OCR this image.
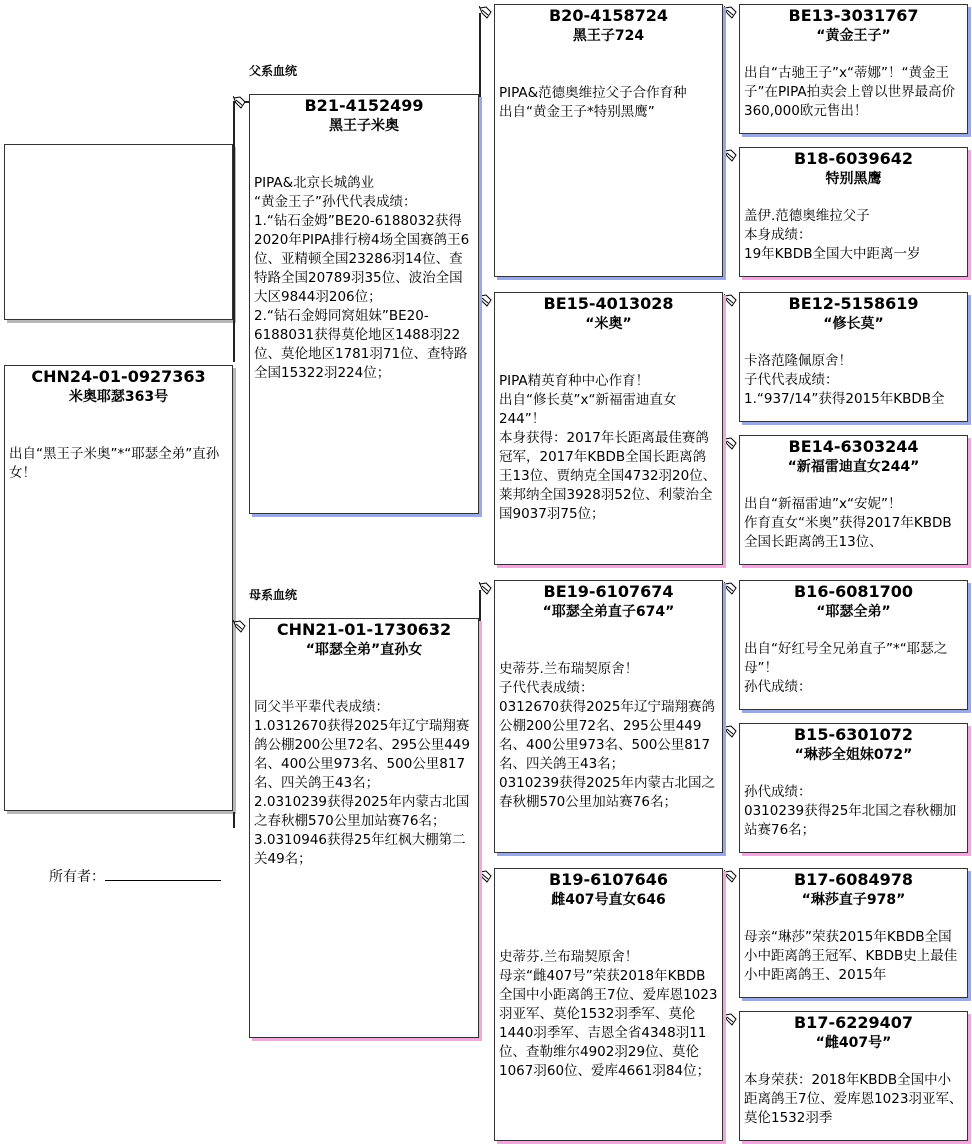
父系血统
母系血统
CHN24-01-0927363
米奥耶瑟363号
出自“黑王子米奥”*“耶瑟全弟”直孙女！
所有者：
B21-4152499
黑王子米奥
PIPA&北京长城鸽业
“黄金王子”孙代代表成绩：
1.“钻石金姆”BE20-6188032获得2020年PIPA排行榜4场全国赛鸽王6位、亚精顿全国23286羽14位、查特路全国20789羽35位、波治全国大区9844羽206位；
2.“钻石金姆同窝姐妹”BE20-6188031获得莫伦地区1488羽22位、莫伦地区1781羽71位、查特路全国15322羽224位；
CHN21-01-1730632
“耶瑟全弟”直孙女
同父半平辈代表成绩：
1.0312670获得2025年辽宁瑞翔赛鸽公棚200公里72名、295公里449名、400公里973名、500公里817名、四关鸽王43名；
2.0310239获得2025年内蒙古北国之春秋棚570公里加站赛76名；
3.0310946获得25年红枫大棚第二关49名；
B20-4158724
黑王子724
PIPA&范德奥维拉父子合作育种
出自“黄金王子*特别黑鹰”
BE15-4013028
“米奥”
PIPA精英育种中心作育！
出自“修长莫”x“新福雷迪直女244”！
本身获得：2017年长距离最佳赛鸽冠军，2017年KBDB全国长距离鸽王13位、贾纳克全国4732羽20位、莱邦纳全国3928羽52位、利蒙治全国9037羽75位；
BE19-6107674
“耶瑟全弟直子674”
史蒂芬.兰布瑞契原舍！
子代代表成绩：
0312670获得2025年辽宁瑞翔赛鸽公棚200公里72名、295公里449名、400公里973名、500公里817名、四关鸽王43名；
0310239获得2025年内蒙古北国之春秋棚570公里加站赛76名；
B19-6107646
雌407号直女646
史蒂芬.兰布瑞契原舍！
母亲“雌407号”荣获2018年KBDB全国中小距离鸽王7位、爱库恩1023羽亚军、莫伦1532羽季军、莫伦1440羽季军、吉恩全省4348羽11位、查勒维尔4902羽29位、莫伦1067羽60位、爱库4661羽84位；
BE13-3031767
“黄金王子”
出自“古驰王子”x“蒂娜”！“黄金王子”在PIPA拍卖会上曾以世界最高价360,000欧元售出！
B18-6039642
特别黑鹰
盖伊.范德奥维拉父子
本身成绩：
19年KBDB全国大中距离一岁
BE12-5158619
“修长莫”
卡洛范隆佩原舍！
子代代表成绩：
1.“937/14”获得2015年KBDB全
BE14-6303244
“新福雷迪直女244”
出自“新福雷迪”x“安妮”！
作育直女“米奥”获得2017年KBDB全国长距离鸽王13位、
B16-6081700
“耶瑟全弟”
出自“好红号全兄弟直子”*“耶瑟之母”！
孙代成绩：
B15-6301072
“琳莎全姐妹072”
孙代成绩：
0310239获得25年北国之春秋棚加站赛76名；
B17-6084978
“琳莎直子978”
母亲“琳莎”荣获2015年KBDB全国小中距离鸽王冠军、KBDB史上最佳小中距离鸽王、2015年
B17-6229407
“雌407号”
本身荣获：2018年KBDB全国中小距离鸽王7位、爱库恩1023羽亚军、莫伦1532羽季
